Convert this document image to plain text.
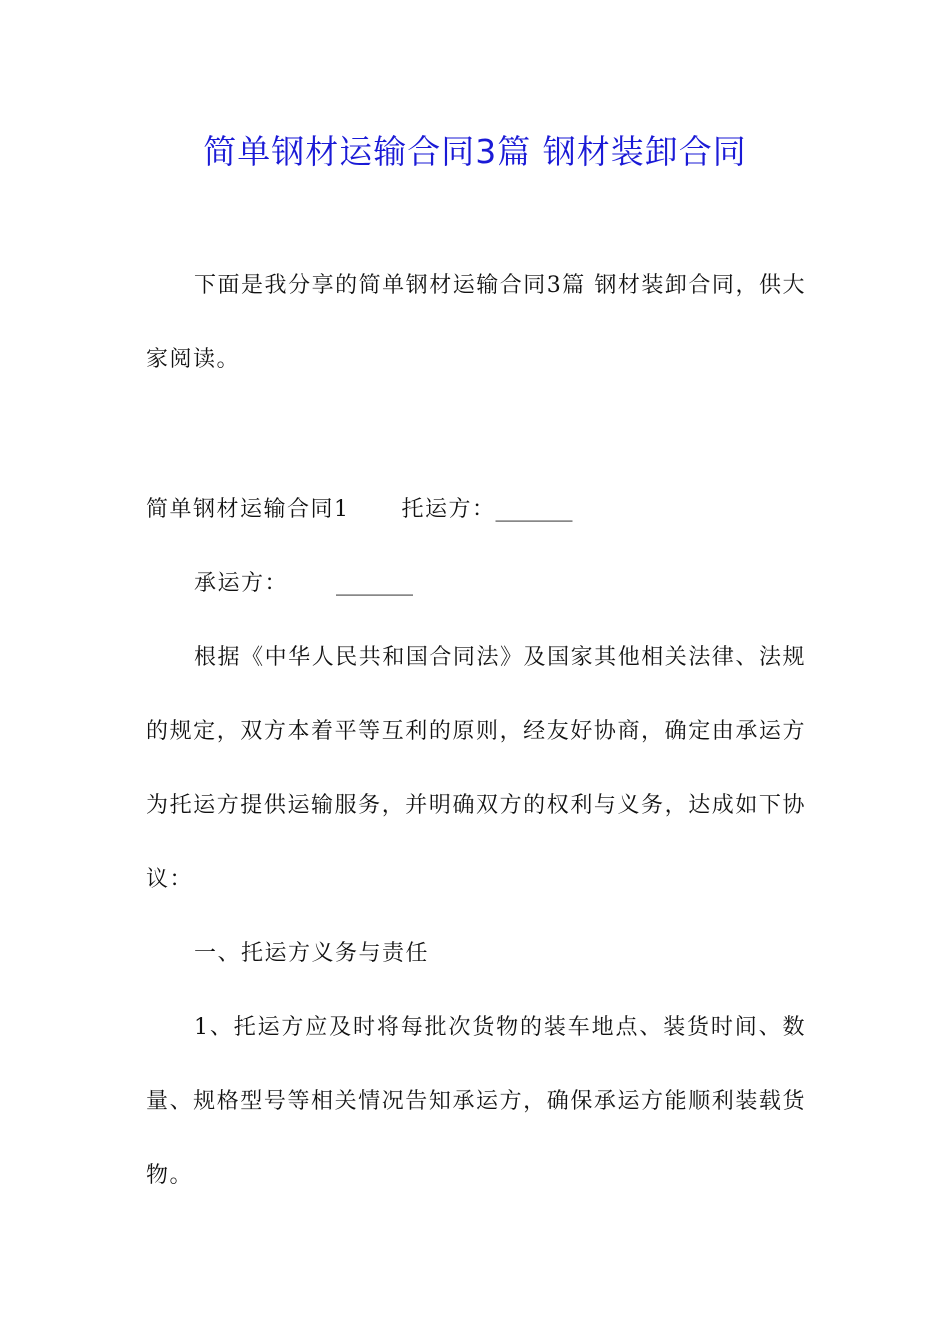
简单钢材运输合同3篇 钢材装卸合同

下面是我分享的简单钢材运输合同3篇 钢材装卸合同，供大家阅读。

简单钢材运输合同1 托运方：_______

承运方： _______

根据《中华人民共和国合同法》及国家其他相关法律、法规的规定，双方本着平等互利的原则，经友好协商，确定由承运方为托运方提供运输服务，并明确双方的权利与义务，达成如下协议：

一、托运方义务与责任

1、托运方应及时将每批次货物的装车地点、装货时间、数量、规格型号等相关情况告知承运方，确保承运方能顺利装载货物。
